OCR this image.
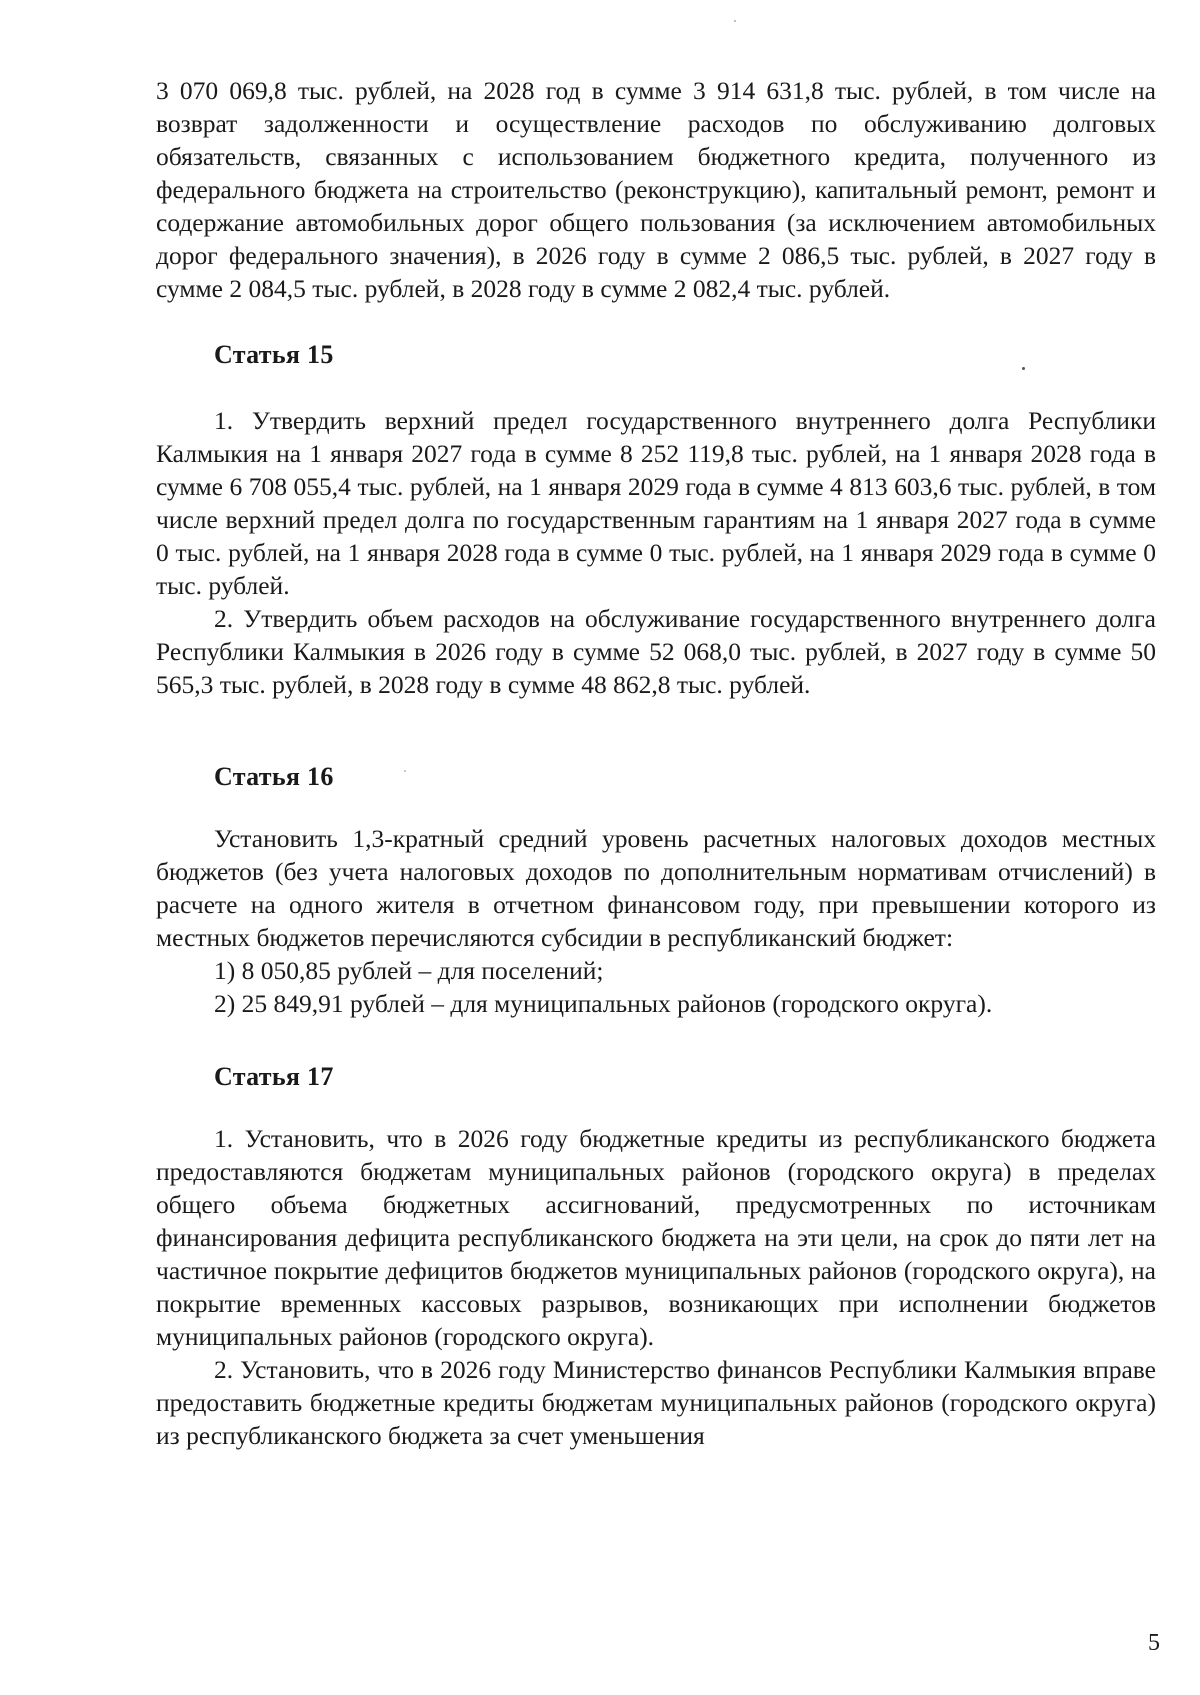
3 070 069,8 тыс. рублей, на 2028 год в сумме 3 914 631,8 тыс. рублей, в том числе на возврат задолженности и осуществление расходов по обслуживанию долговых обязательств, связанных с использованием бюджетного кредита, полученного из федерального бюджета на строительство (реконструкцию), капитальный ремонт, ремонт и содержание автомобильных дорог общего пользования (за исключением автомобильных дорог федерального значения), в 2026 году в сумме 2 086,5 тыс. рублей, в 2027 году в сумме 2 084,5 тыс. рублей, в 2028 году в сумме 2 082,4 тыс. рублей.

Статья 15

1. Утвердить верхний предел государственного внутреннего долга Республики Калмыкия на 1 января 2027 года в сумме 8 252 119,8 тыс. рублей, на 1 января 2028 года в сумме 6 708 055,4 тыс. рублей, на 1 января 2029 года в сумме 4 813 603,6 тыс. рублей, в том числе верхний предел долга по государственным гарантиям на 1 января 2027 года в сумме 0 тыс. рублей, на 1 января 2028 года в сумме 0 тыс. рублей, на 1 января 2029 года в сумме 0 тыс. рублей.

2. Утвердить объем расходов на обслуживание государственного внутреннего долга Республики Калмыкия в 2026 году в сумме 52 068,0 тыс. рублей, в 2027 году в сумме 50 565,3 тыс. рублей, в 2028 году в сумме 48 862,8 тыс. рублей.

Статья 16

Установить 1,3-кратный средний уровень расчетных налоговых доходов местных бюджетов (без учета налоговых доходов по дополнительным нормативам отчислений) в расчете на одного жителя в отчетном финансовом году, при превышении которого из местных бюджетов перечисляются субсидии в республиканский бюджет:

1) 8 050,85 рублей – для поселений;

2) 25 849,91 рублей – для муниципальных районов (городского округа).

Статья 17

1. Установить, что в 2026 году бюджетные кредиты из республиканского бюджета предоставляются бюджетам муниципальных районов (городского округа) в пределах общего объема бюджетных ассигнований, предусмотренных по источникам финансирования дефицита республиканского бюджета на эти цели, на срок до пяти лет на частичное покрытие дефицитов бюджетов муниципальных районов (городского округа), на покрытие временных кассовых разрывов, возникающих при исполнении бюджетов муниципальных районов (городского округа).

2. Установить, что в 2026 году Министерство финансов Республики Калмыкия вправе предоставить бюджетные кредиты бюджетам муниципальных районов (городского округа) из республиканского бюджета за счет уменьшения

5
